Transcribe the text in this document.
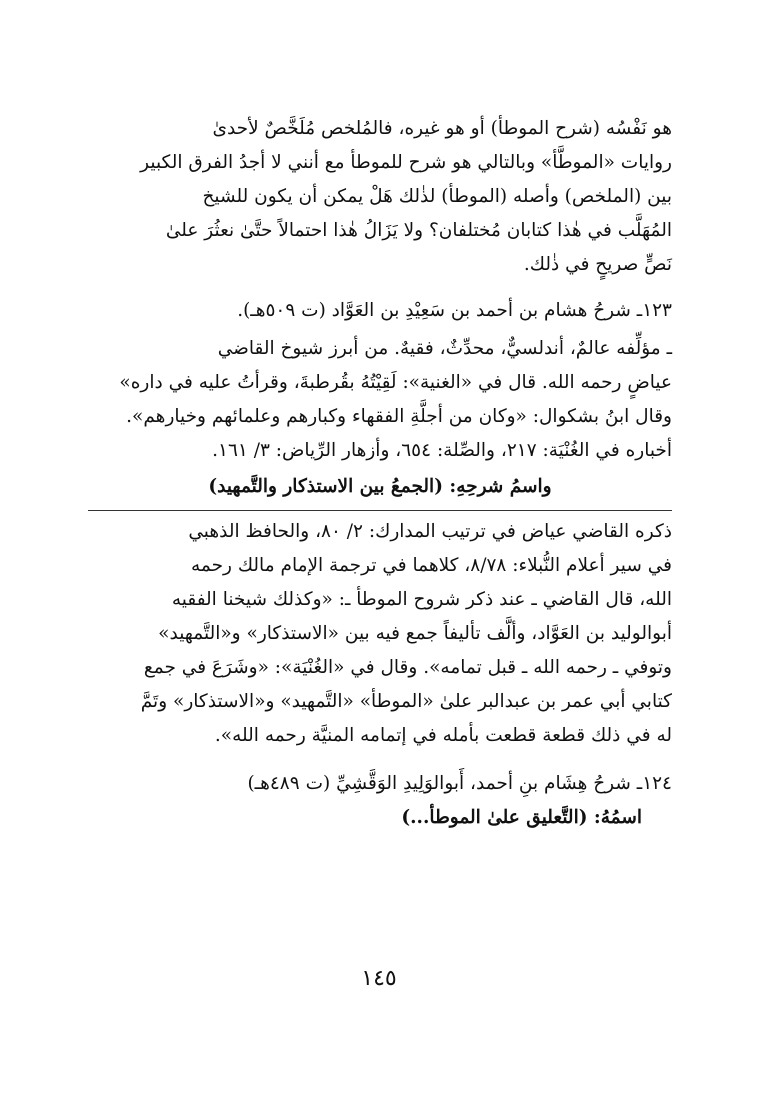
هو نَفْسُه (شرح الموطأ) أو هو غيره، فالمُلخص مُلَخَّصٌ لأحدىٰ
روايات «الموطَّأ» وبالتالي هو شرح للموطأ مع أنني لا أجدُ الفرق الكبير
بين (الملخص) وأصله (الموطأ) لذٰلك هَلْ يمكن أن يكون للشيخ
المُهَلَّب في هٰذا كتابان مُختلفان؟ ولا يَزَالُ هٰذا احتمالاً حتَّىٰ نعثُرَ علىٰ
نَصٍّ صريحٍ في ذٰلك.
١٢٣ـ شرحُ هشام بن أحمد بن سَعِيْدِ بن العَوَّاد (ت ٥٠٩هـ).
ـ مؤلِّفه عالمٌ، أندلسيٌّ، محدِّثٌ، فقيهٌ. من أبرز شيوخ القاضي
عياضٍ رحمه الله. قال في «الغنية»: لَقِيْتُهُ بقُرطبةَ، وقرأتُ عليه في داره»
وقال ابنُ بشكوال: «وكان من أجلَّةِ الفقهاء وكبارهم وعلمائهم وخيارهم».
أخباره في الغُنْيَة: ٢١٧، والصِّلة: ٦٥٤، وأزهار الرِّياض: ٣/ ١٦١.
واسمُ شرحِهِ: (الجمعُ بين الاستذكار والتَّمهيد)
ذكره القاضي عياض في ترتيب المدارك: ٢/ ٨٠، والحافظ الذهبي
في سير أعلام النُّبلاء: ٨/٧٨، كلاهما في ترجمة الإمام مالك رحمه
الله، قال القاضي ـ عند ذكر شروح الموطأ ـ: «وكذلك شيخنا الفقيه
أبوالوليد بن العَوَّاد، وألَّف تأليفاً جمع فيه بين «الاستذكار» و«التَّمهيد»
وتوفي ـ رحمه الله ـ قبل تمامه». وقال في «الغُنْيَة»: «وشَرَعَ في جمع
كتابي أبي عمر بن عبدالبر علىٰ «الموطأ» «التَّمهيد» و«الاستذكار» وتَمَّ
له في ذلك قطعة قطعت بأمله في إتمامه المنيَّة رحمه الله».
١٢٤ـ شرحُ هِشَام بنِ أحمد، أَبوالوَلِيدِ الوَقَّشِيِّ (ت ٤٨٩هـ)
اسمُهُ: (التَّعليق علىٰ الموطأ...)
١٤٥
